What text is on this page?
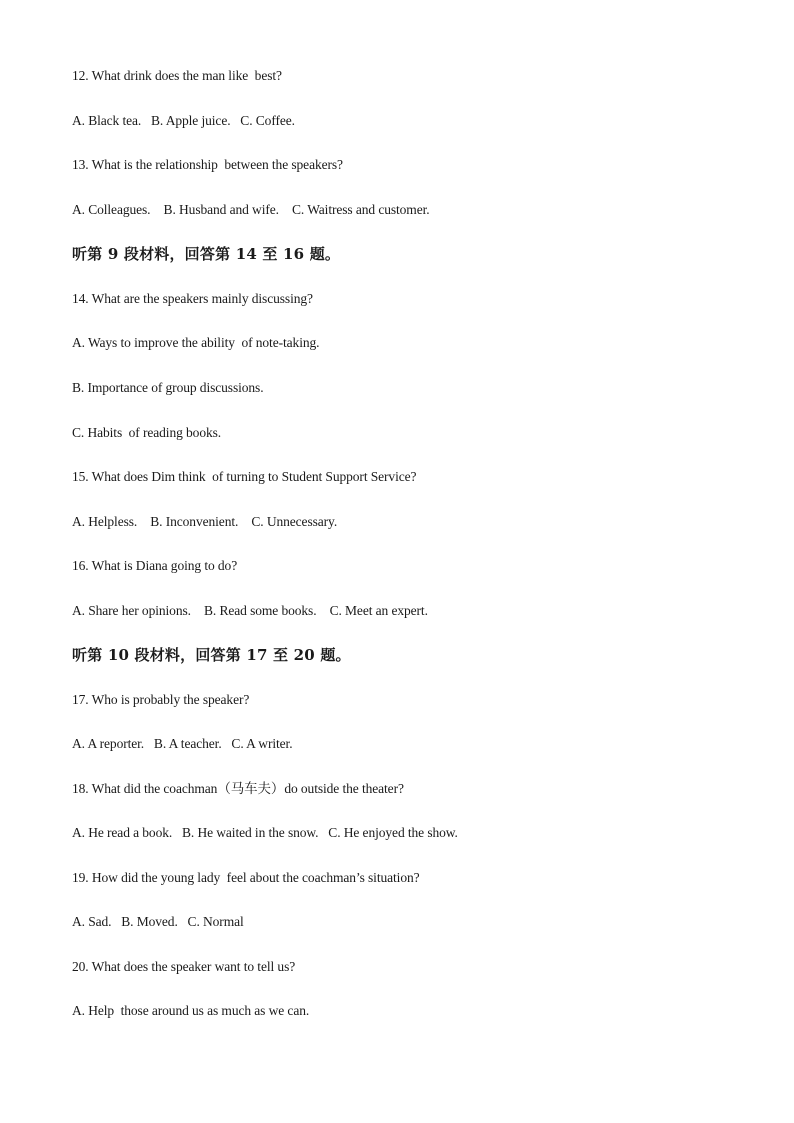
12. What drink does the man like  best?
A. Black tea.   B. Apple juice.   C. Coffee.
13. What is the relationship  between the speakers?
A. Colleagues.    B. Husband and wife.    C. Waitress and customer.
听第 9 段材料，回答第 14 至 16 题。
14. What are the speakers mainly discussing?
A. Ways to improve the ability  of note-taking.
B. Importance of group discussions.
C. Habits  of reading books.
15. What does Dim think  of turning to Student Support Service?
A. Helpless.    B. Inconvenient.    C. Unnecessary.
16. What is Diana going to do?
A. Share her opinions.    B. Read some books.    C. Meet an expert.
听第 10 段材料，回答第 17 至 20 题。
17. Who is probably the speaker?
A. A reporter.   B. A teacher.   C. A writer.
18. What did the coachman（马车夫）do outside the theater?
A. He read a book.   B. He waited in the snow.   C. He enjoyed the show.
19. How did the young lady  feel about the coachman’s situation?
A. Sad.   B. Moved.   C. Normal
20. What does the speaker want to tell us?
A. Help  those around us as much as we can.
